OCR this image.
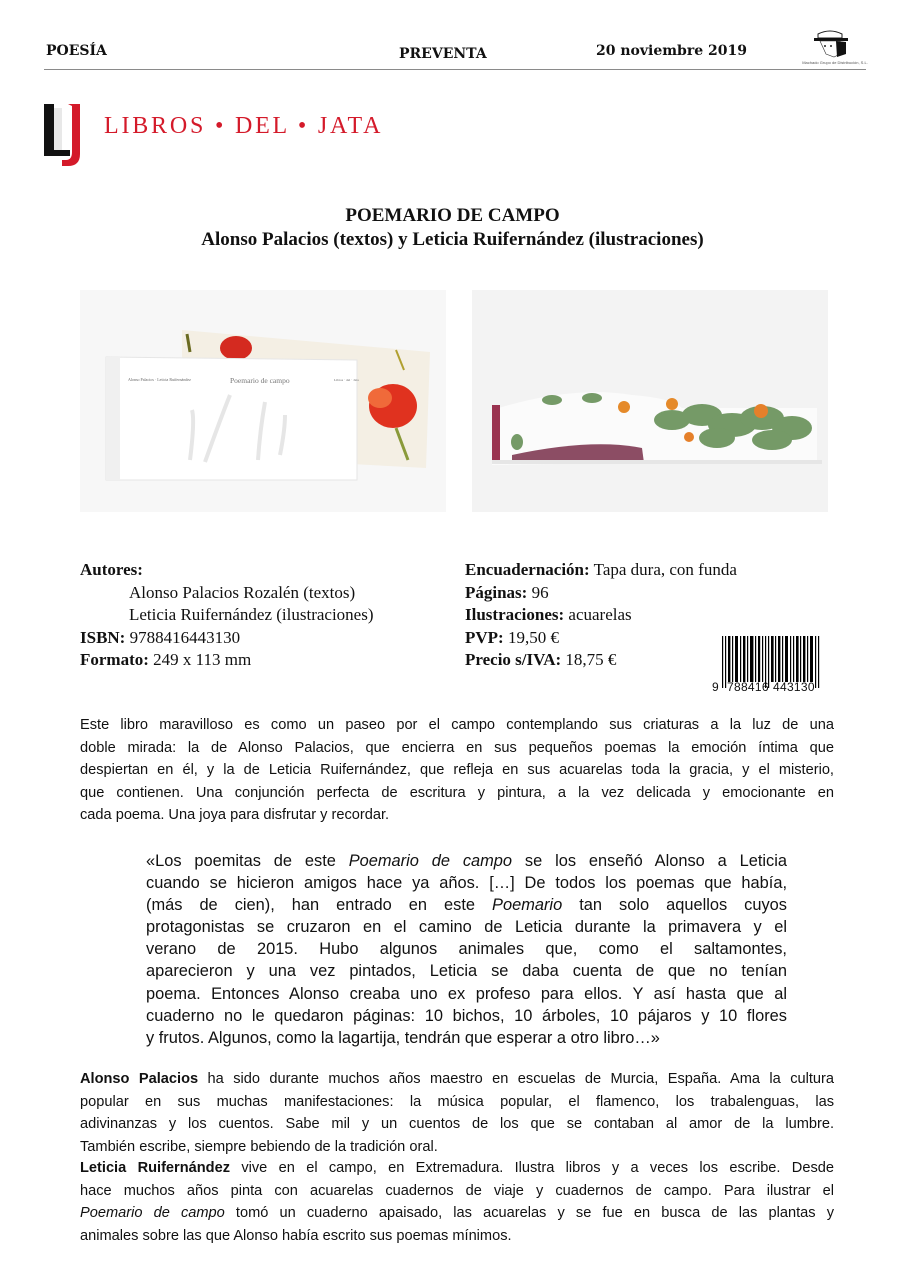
POESÍA	PREVENTA	20 noviembre 2019
Machado Grupo de Distribución, S.L.
LIBROS • DEL • JATA
POEMARIO DE CAMPO
Alonso Palacios (textos) y Leticia Ruifernández (ilustraciones)
Alonso Palacios · Leticia Ruifernández	Poemario de campo	Libros · del · Jata
Autores:
Alonso Palacios Rozalén (textos)
Leticia Ruifernández (ilustraciones)
ISBN: 9788416443130
Formato: 249 x 113 mm
Encuadernación: Tapa dura, con funda
Páginas: 96
Ilustraciones: acuarelas
PVP: 19,50 €
Precio s/IVA: 18,75 €
9 788416 443130
Este libro maravilloso es como un paseo por el campo contemplando sus criaturas a la luz de una
doble mirada: la de Alonso Palacios, que encierra en sus pequeños poemas la emoción íntima que
despiertan en él, y la de Leticia Ruifernández, que refleja en sus acuarelas toda la gracia, y el misterio,
que contienen. Una conjunción perfecta de escritura y pintura, a la vez delicada y emocionante en
cada poema. Una joya para disfrutar y recordar.
«Los poemitas de este Poemario de campo se los enseñó Alonso a Leticia
cuando se hicieron amigos hace ya años. […] De todos los poemas que había,
(más de cien), han entrado en este Poemario tan solo aquellos cuyos
protagonistas se cruzaron en el camino de Leticia durante la primavera y el
verano de 2015. Hubo algunos animales que, como el saltamontes,
aparecieron y una vez pintados, Leticia se daba cuenta de que no tenían
poema. Entonces Alonso creaba uno ex profeso para ellos. Y así hasta que al
cuaderno no le quedaron páginas: 10 bichos, 10 árboles, 10 pájaros y 10 flores
y frutos. Algunos, como la lagartija, tendrán que esperar a otro libro…»
Alonso Palacios ha sido durante muchos años maestro en escuelas de Murcia, España. Ama la cultura
popular en sus muchas manifestaciones: la música popular, el flamenco, los trabalenguas, las
adivinanzas y los cuentos. Sabe mil y un cuentos de los que se contaban al amor de la lumbre.
También escribe, siempre bebiendo de la tradición oral.
Leticia Ruifernández vive en el campo, en Extremadura. Ilustra libros y a veces los escribe. Desde
hace muchos años pinta con acuarelas cuadernos de viaje y cuadernos de campo. Para ilustrar el
Poemario de campo tomó un cuaderno apaisado, las acuarelas y se fue en busca de las plantas y
animales sobre las que Alonso había escrito sus poemas mínimos.
